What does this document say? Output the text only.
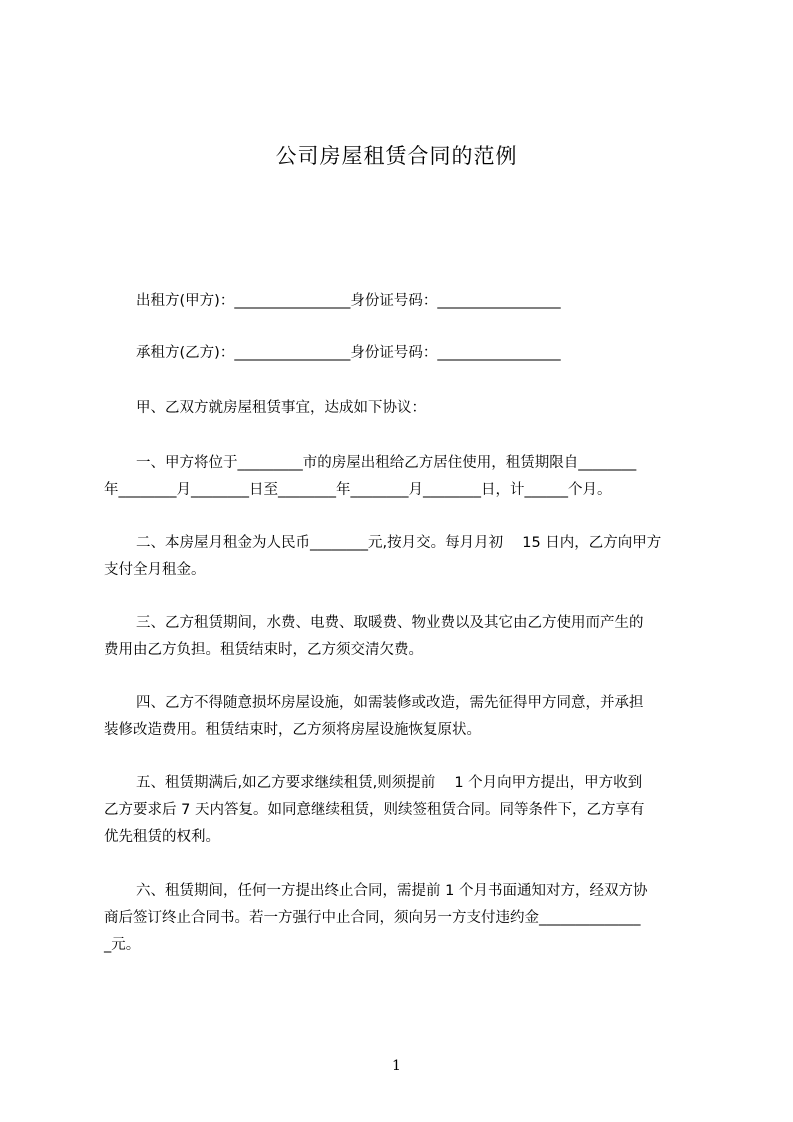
公司房屋租赁合同的范例
出租方(甲方)：________________身份证号码：_________________
承租方(乙方)：________________身份证号码：_________________
甲、乙双方就房屋租赁事宜，达成如下协议：
一、甲方将位于_________市的房屋出租给乙方居住使用，租赁期限自________
年________月________日至________年________月________日，计______个月。
二、本房屋月租金为人民币________元,按月交。每月月初　 15 日内，乙方向甲方
支付全月租金。
三、乙方租赁期间，水费、电费、取暖费、物业费以及其它由乙方使用而产生的
费用由乙方负担。租赁结束时，乙方须交清欠费。
四、乙方不得随意损坏房屋设施，如需装修或改造，需先征得甲方同意，并承担
装修改造费用。租赁结束时，乙方须将房屋设施恢复原状。
五、租赁期满后,如乙方要求继续租赁,则须提前　 1 个月向甲方提出，甲方收到
乙方要求后 7 天内答复。如同意继续租赁，则续签租赁合同。同等条件下，乙方享有
优先租赁的权利。
六、租赁期间，任何一方提出终止合同，需提前 1 个月书面通知对方，经双方协
商后签订终止合同书。若一方强行中止合同，须向另一方支付违约金______________
_元。
1
